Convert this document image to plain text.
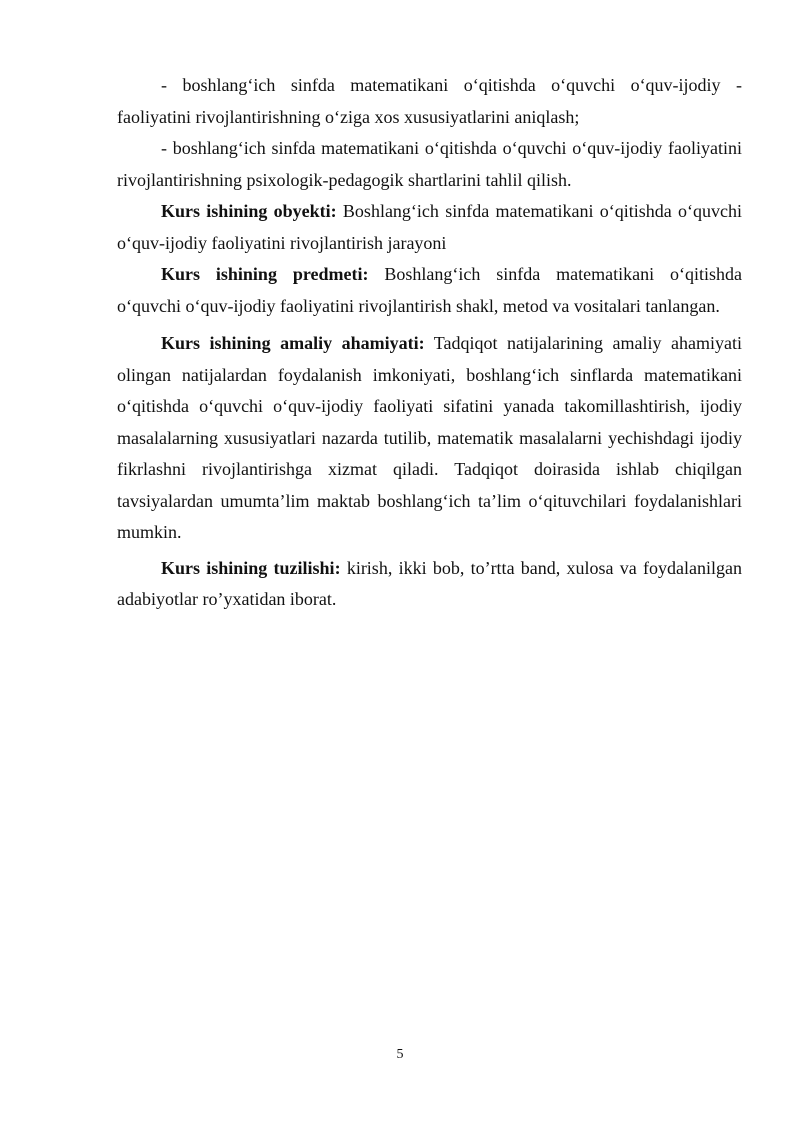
- boshlang‘ich sinfda matematikani o‘qitishda o‘quvchi o‘quv-ijodiy - faoliyatini rivojlantirishning o‘ziga xos xususiyatlarini aniqlash;

- boshlang‘ich sinfda matematikani o‘qitishda o‘quvchi o‘quv-ijodiy faoliyatini rivojlantirishning psixologik-pedagogik shartlarini tahlil qilish.

Kurs ishining obyekti: Boshlang‘ich sinfda matematikani o‘qitishda o‘quvchi o‘quv-ijodiy faoliyatini rivojlantirish jarayoni

Kurs ishining predmeti: Boshlang‘ich sinfda matematikani o‘qitishda o‘quvchi o‘quv-ijodiy faoliyatini rivojlantirish shakl, metod va vositalari tanlangan.

Kurs ishining amaliy ahamiyati: Tadqiqot natijalarining amaliy ahamiyati olingan natijalardan foydalanish imkoniyati, boshlang‘ich sinflarda matematikani o‘qitishda o‘quvchi o‘quv-ijodiy faoliyati sifatini yanada takomillashtirish, ijodiy masalalarning xususiyatlari nazarda tutilib, matematik masalalarni yechishdagi ijodiy fikrlashni rivojlantirishga xizmat qiladi. Tadqiqot doirasida ishlab chiqilgan tavsiyalardan umumta’lim maktab boshlang‘ich ta’lim o‘qituvchilari foydalanishlari mumkin.

Kurs ishining tuzilishi: kirish, ikki bob, to’rtta band, xulosa va foydalanilgan adabiyotlar ro’yxatidan iborat.

5
